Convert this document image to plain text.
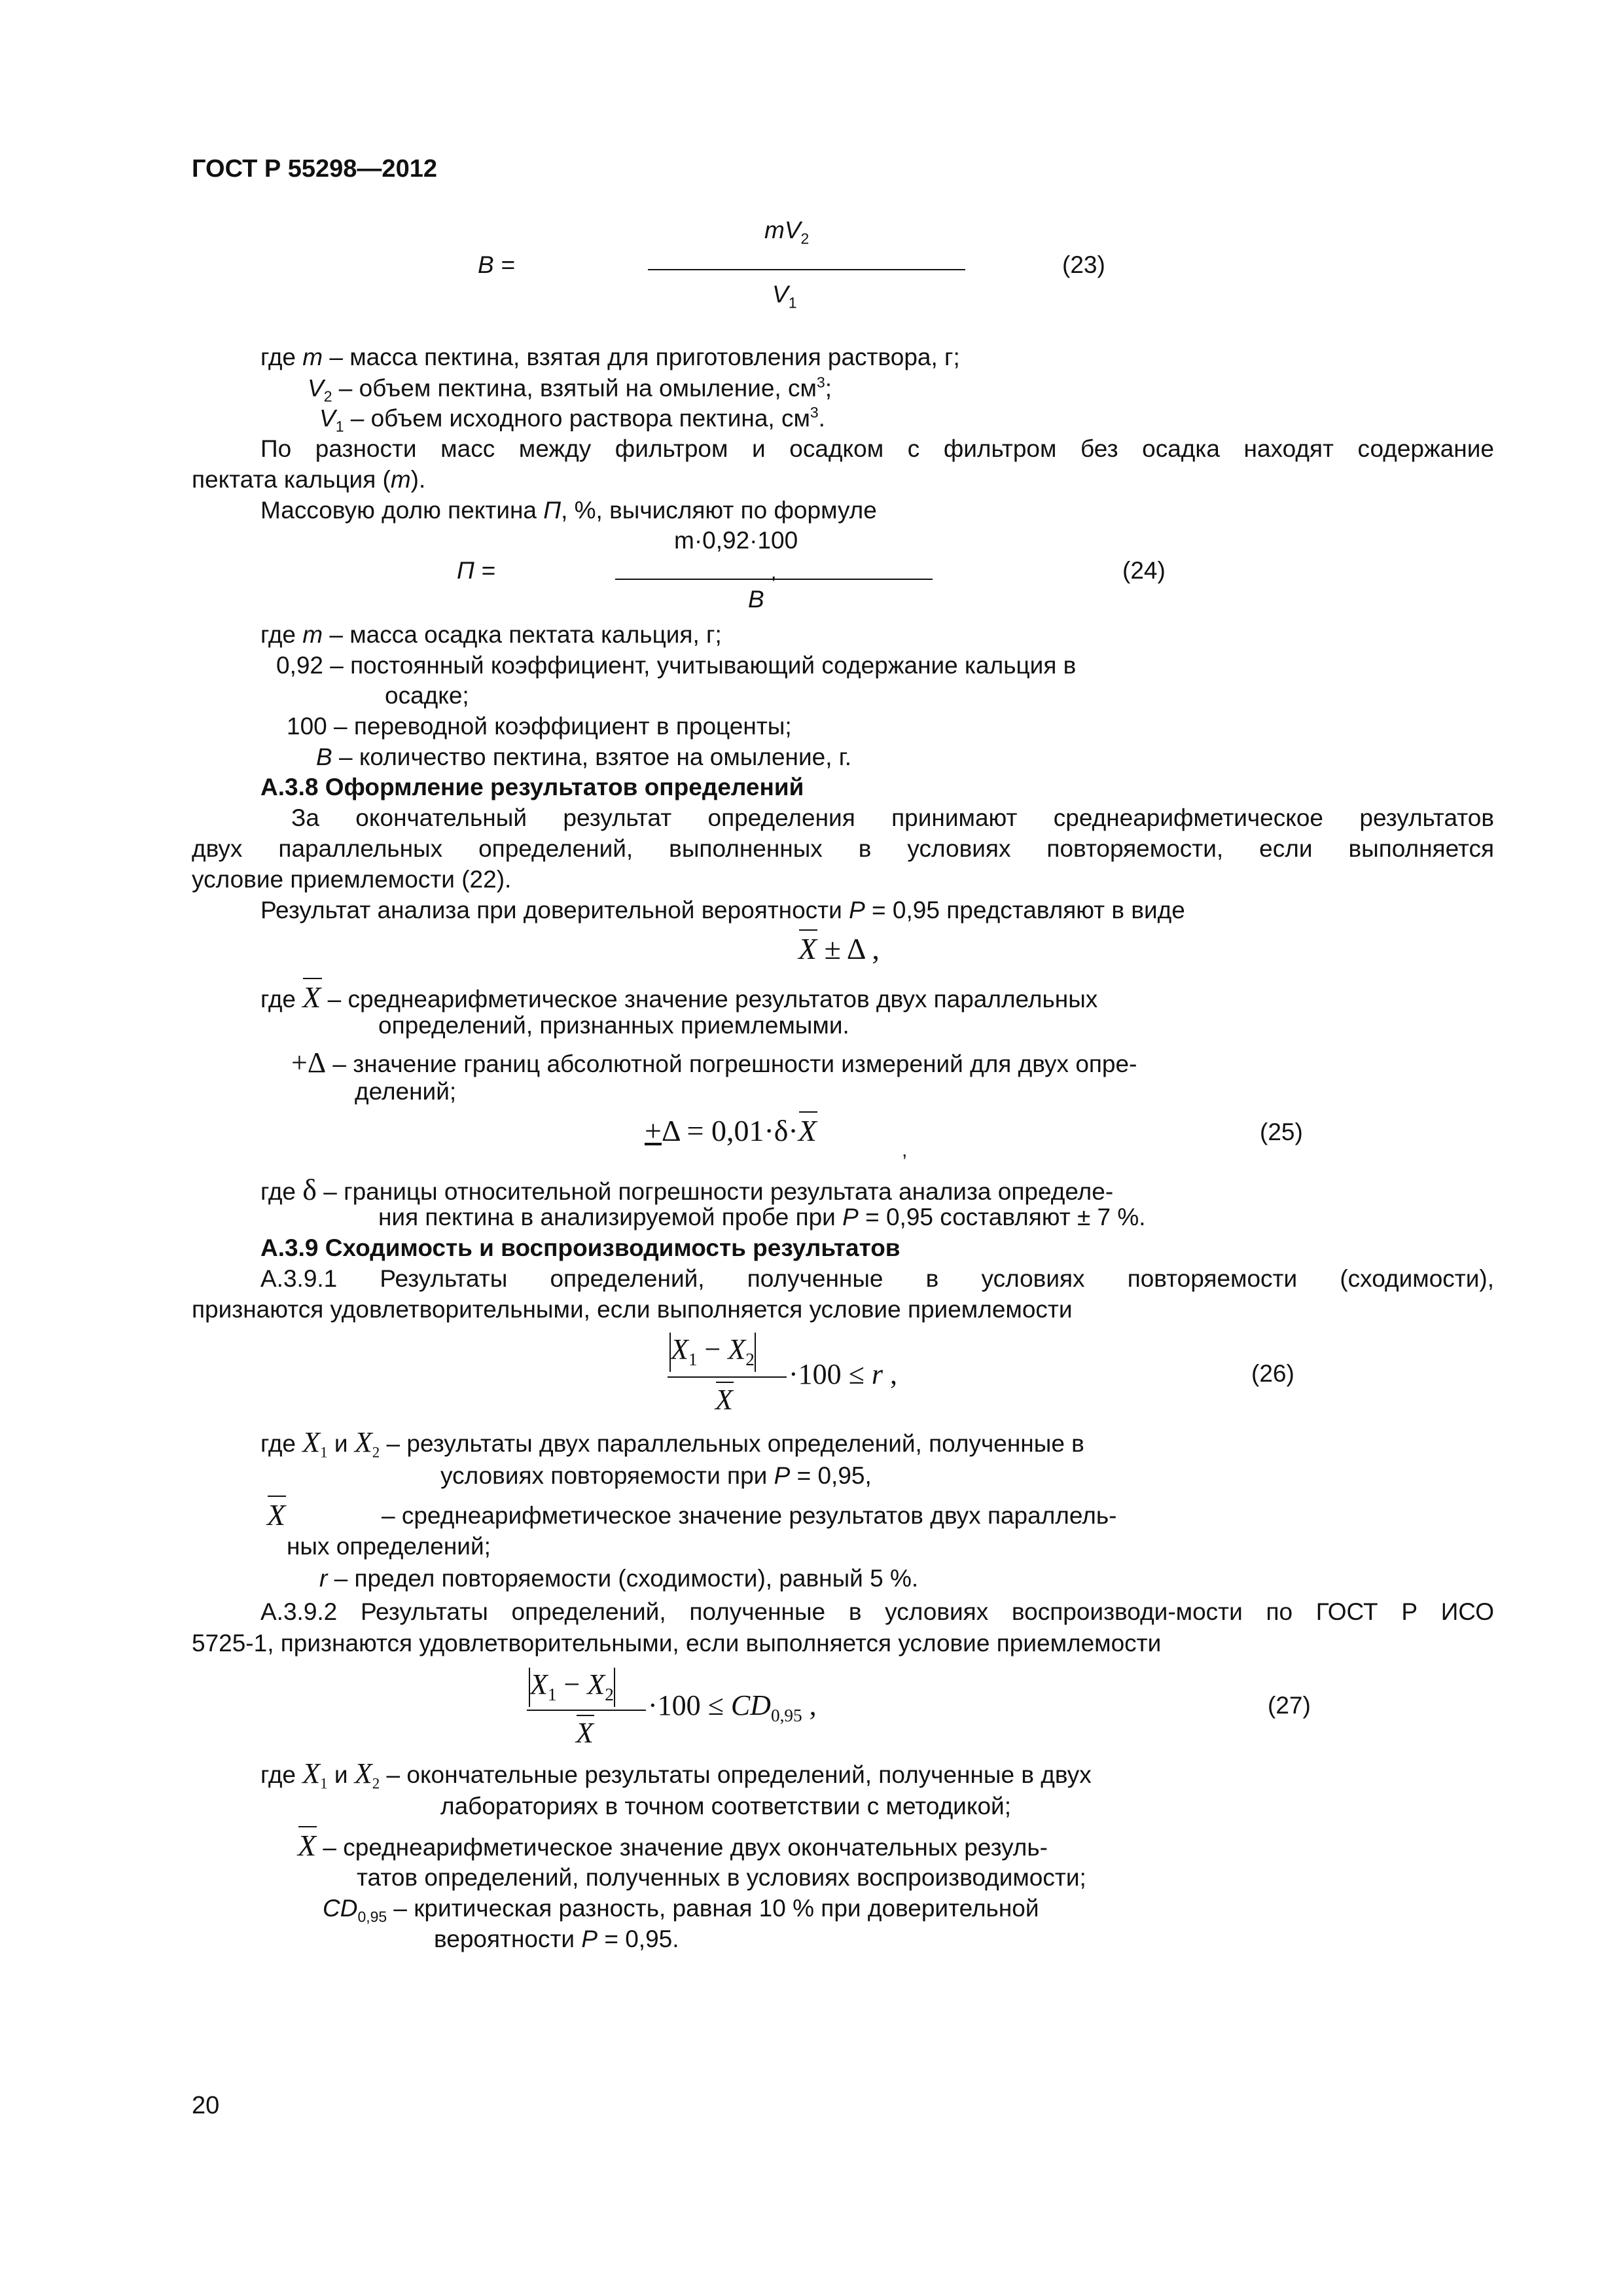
ГОСТ Р 55298—2012
B =
$mV_2$
$V_1$
(23)
где m – масса пектина, взятая для приготовления раствора, г;
$V_2$ – объем пектина, взятый на омыление, $см^3$;
$V_1$ – объем исходного раствора пектина, $см^3$.
По разности масс между фильтром и осадком с фильтром без осадка находят содержание
пектата кальция (m).
Массовую долю пектина П, %, вычисляют по формуле
П =
m·0,92·100
,
B
(24)
где m – масса осадка пектата кальция, г;
0,92 – постоянный коэффициент, учитывающий содержание кальция в
осадке;
100 – переводной коэффициент в проценты;
B – количество пектина, взятое на омыление, г.
А.3.8 Оформление результатов определений
За окончательный результат определения принимают среднеарифметическое результатов
двух параллельных определений, выполненных в условиях повторяемости, если выполняется
условие приемлемости (22).
Результат анализа при доверительной вероятности P = 0,95 представляют в виде
X ± Δ ,
где X – среднеарифметическое значение результатов двух параллельных
определений, признанных приемлемыми.
+Δ – значение границ абсолютной погрешности измерений для двух опре-
делений;
+Δ = 0,01·δ·X
,
(25)
где δ – границы относительной погрешности результата анализа определе-
ния пектина в анализируемой пробе при P = 0,95 составляют ± 7 %.
А.3.9 Сходимость и воспроизводимость результатов
А.3.9.1 Результаты определений, полученные в условиях повторяемости (сходимости),
признаются удовлетворительными, если выполняется условие приемлемости
$X_1 - X_2$
X
·100 ≤ r ,	(26)
где $X_1$ и $X_2$ – результаты двух параллельных определений, полученные в
условиях повторяемости при P = 0,95,
X	– среднеарифметическое значение результатов двух параллель-
ных определений;
r – предел повторяемости (сходимости), равный 5 %.
А.3.9.2 Результаты определений, полученные в условиях воспроизводи-мости по ГОСТ Р ИСО
5725-1, признаются удовлетворительными, если выполняется условие приемлемости
$X_1 - X_2$
X
$\cdot 100 \le CD_{0,95}$ ,	(27)
где $X_1$ и $X_2$ – окончательные результаты определений, полученные в двух
лабораториях в точном соответствии с методикой;
X – среднеарифметическое значение двух окончательных резуль-
татов определений, полученных в условиях воспроизводимости;
$CD_{0,95}$ – критическая разность, равная 10 % при доверительной
вероятности P = 0,95.
20
